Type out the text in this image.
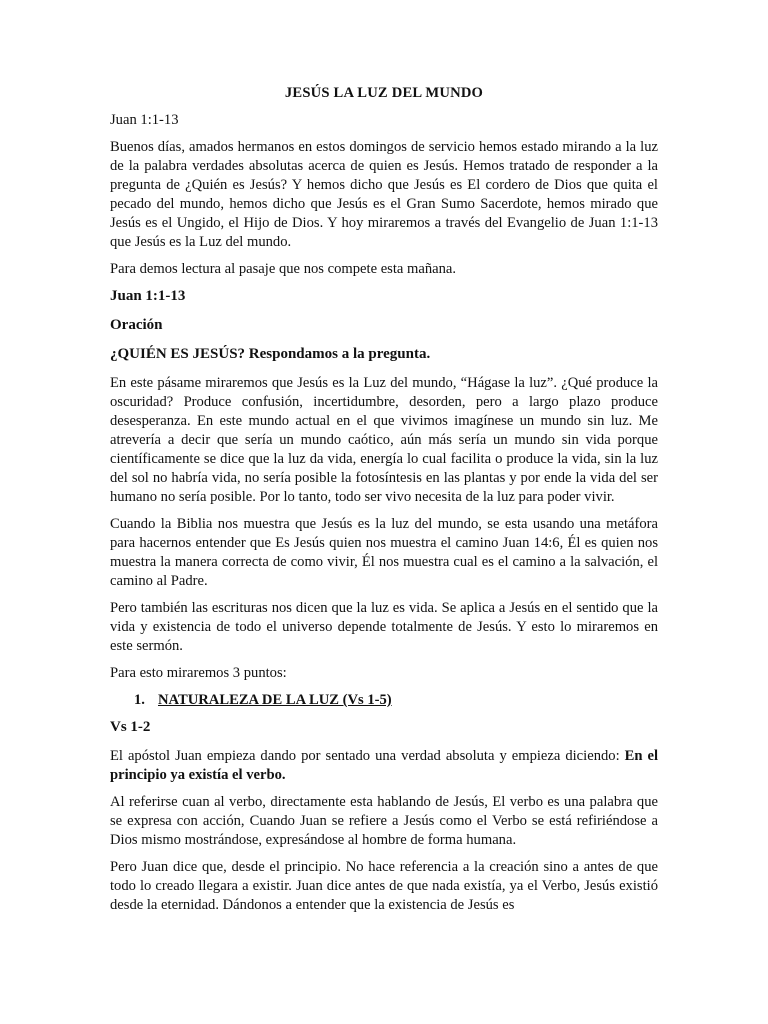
JESÚS LA LUZ DEL MUNDO

Juan 1:1-13

Buenos días, amados hermanos en estos domingos de servicio hemos estado mirando a la luz de la palabra verdades absolutas acerca de quien es Jesús. Hemos tratado de responder a la pregunta de ¿Quién es Jesús? Y hemos dicho que Jesús es El cordero de Dios que quita el pecado del mundo, hemos dicho que Jesús es el Gran Sumo Sacerdote, hemos mirado que Jesús es el Ungido, el Hijo de Dios. Y hoy miraremos a través del Evangelio de Juan 1:1-13 que Jesús es la Luz del mundo.

Para demos lectura al pasaje que nos compete esta mañana.

Juan 1:1-13
Oración
¿QUIÉN ES JESÚS? Respondamos a la pregunta.

En este pásame miraremos que Jesús es la Luz del mundo, “Hágase la luz”. ¿Qué produce la oscuridad? Produce confusión, incertidumbre, desorden, pero a largo plazo produce desesperanza. En este mundo actual en el que vivimos imagínese un mundo sin luz. Me atrevería a decir que sería un mundo caótico, aún más sería un mundo sin vida porque científicamente se dice que la luz da vida, energía lo cual facilita o produce la vida, sin la luz del sol no habría vida, no sería posible la fotosíntesis en las plantas y por ende la vida del ser humano no sería posible. Por lo tanto, todo ser vivo necesita de la luz para poder vivir.

Cuando la Biblia nos muestra que Jesús es la luz del mundo, se esta usando una metáfora para hacernos entender que Es Jesús quien nos muestra el camino Juan 14:6, Él es quien nos muestra la manera correcta de como vivir, Él nos muestra cual es el camino a la salvación, el camino al Padre.

Pero también las escrituras nos dicen que la luz es vida. Se aplica a Jesús en el sentido que la vida y existencia de todo el universo depende totalmente de Jesús. Y esto lo miraremos en este sermón.

Para esto miraremos 3 puntos:

1. NATURALEZA DE LA LUZ (Vs 1-5)
Vs 1-2

El apóstol Juan empieza dando por sentado una verdad absoluta y empieza diciendo: En el principio ya existía el verbo.

Al referirse cuan al verbo, directamente esta hablando de Jesús, El verbo es una palabra que se expresa con acción, Cuando Juan se refiere a Jesús como el Verbo se está refiriéndose a Dios mismo mostrándose, expresándose al hombre de forma humana.

Pero Juan dice que, desde el principio. No hace referencia a la creación sino a antes de que todo lo creado llegara a existir. Juan dice antes de que nada existía, ya el Verbo, Jesús existió desde la eternidad. Dándonos a entender que la existencia de Jesús es
